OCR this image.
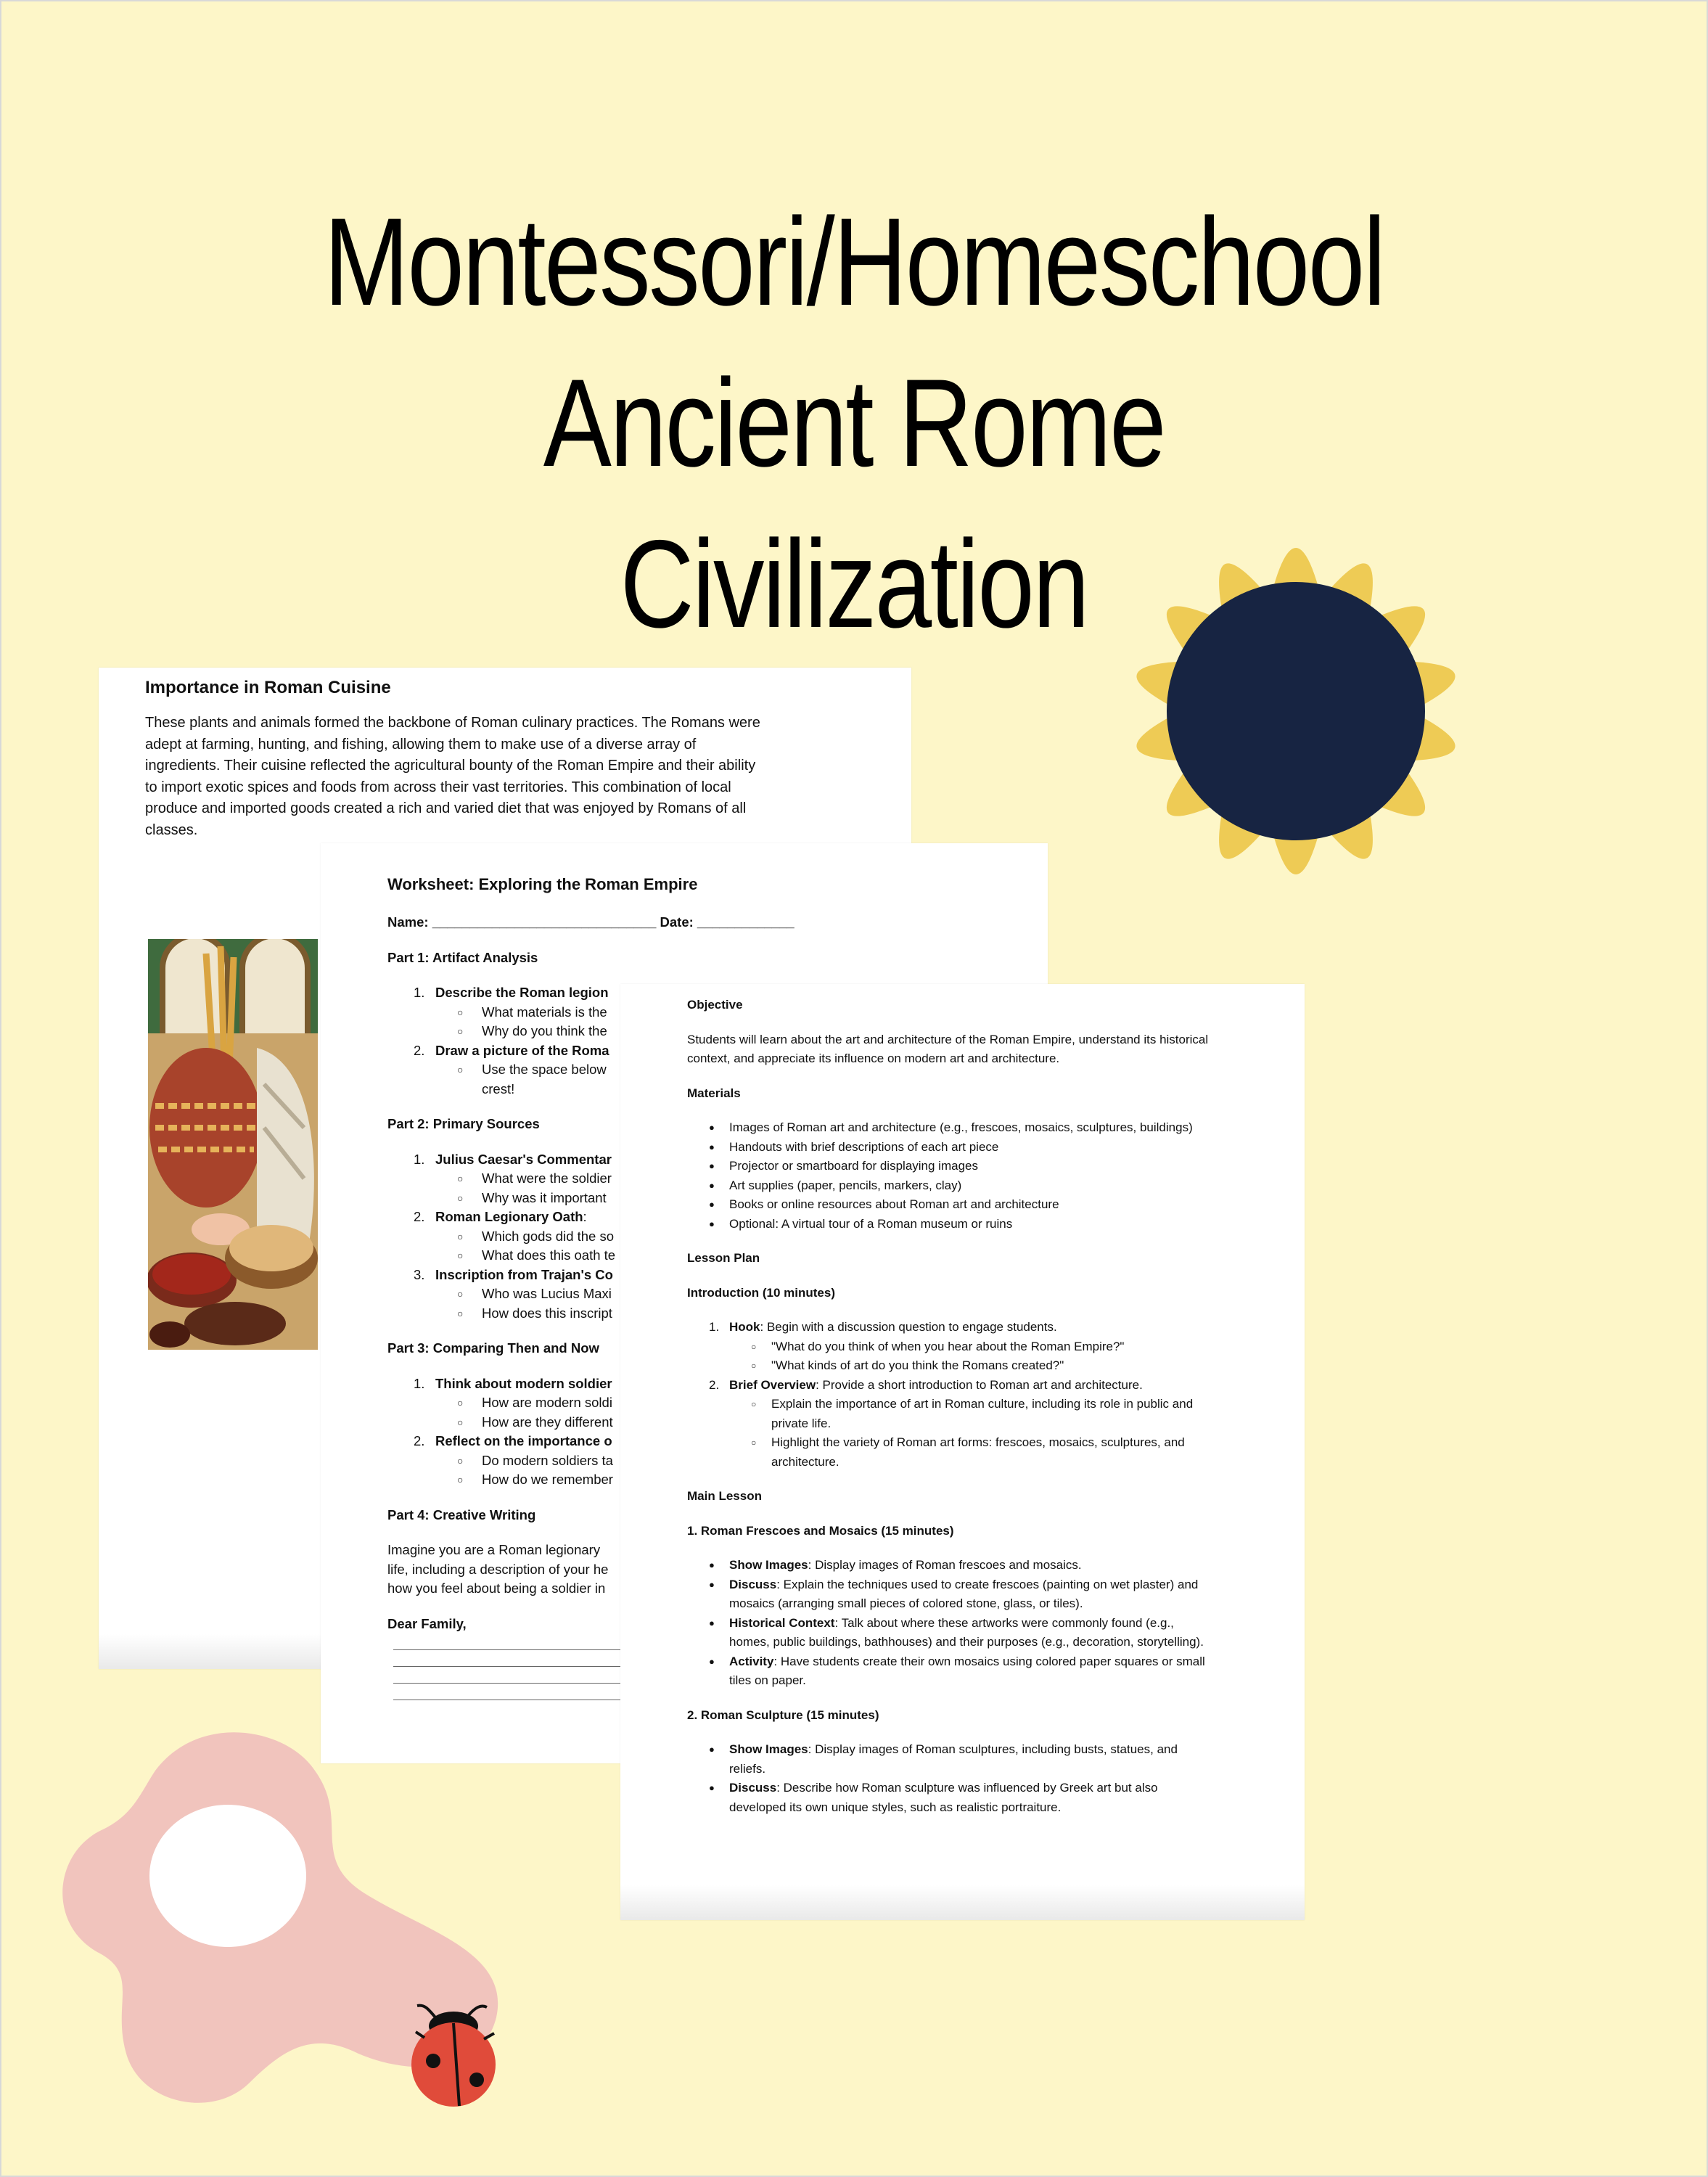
Montessori/Homeschool
Ancient Rome
Civilization
Importance in Roman Cuisine
These plants and animals formed the backbone of Roman culinary practices. The Romans were
adept at farming, hunting, and fishing, allowing them to make use of a diverse array of
ingredients. Their cuisine reflected the agricultural bounty of the Roman Empire and their ability
to import exotic spices and foods from across their vast territories. This combination of local
produce and imported goods created a rich and varied diet that was enjoyed by Romans of all
classes.
Worksheet: Exploring the Roman Empire
Name: ______________________________ Date: _____________
Part 1: Artifact Analysis
1. Describe the Roman legion
○ What materials is the
○ Why do you think the
2. Draw a picture of the Roma
○ Use the space below
crest!
Part 2: Primary Sources
1. Julius Caesar's Commentar
○ What were the soldier
○ Why was it important
2. Roman Legionary Oath:
○ Which gods did the so
○ What does this oath te
3. Inscription from Trajan's Co
○ Who was Lucius Maxi
○ How does this inscript
Part 3: Comparing Then and Now
1. Think about modern soldier
○ How are modern soldi
○ How are they different
2. Reflect on the importance o
○ Do modern soldiers ta
○ How do we remember
Part 4: Creative Writing
Imagine you are a Roman legionary
life, including a description of your he
how you feel about being a soldier in
Dear Family,
Objective
Students will learn about the art and architecture of the Roman Empire, understand its historical
context, and appreciate its influence on modern art and architecture.
Materials
●	Images of Roman art and architecture (e.g., frescoes, mosaics, sculptures, buildings)
●	Handouts with brief descriptions of each art piece
●	Projector or smartboard for displaying images
●	Art supplies (paper, pencils, markers, clay)
●	Books or online resources about Roman art and architecture
●	Optional: A virtual tour of a Roman museum or ruins
Lesson Plan
Introduction (10 minutes)
1. Hook: Begin with a discussion question to engage students.
○	"What do you think of when you hear about the Roman Empire?"
○	"What kinds of art do you think the Romans created?"
2. Brief Overview: Provide a short introduction to Roman art and architecture.
○	Explain the importance of art in Roman culture, including its role in public and
private life.
○	Highlight the variety of Roman art forms: frescoes, mosaics, sculptures, and
architecture.
Main Lesson
1. Roman Frescoes and Mosaics (15 minutes)
●	Show Images: Display images of Roman frescoes and mosaics.
●	Discuss: Explain the techniques used to create frescoes (painting on wet plaster) and
mosaics (arranging small pieces of colored stone, glass, or tiles).
●	Historical Context: Talk about where these artworks were commonly found (e.g.,
homes, public buildings, bathhouses) and their purposes (e.g., decoration, storytelling).
●	Activity: Have students create their own mosaics using colored paper squares or small
tiles on paper.
2. Roman Sculpture (15 minutes)
●	Show Images: Display images of Roman sculptures, including busts, statues, and
reliefs.
●	Discuss: Describe how Roman sculpture was influenced by Greek art but also
developed its own unique styles, such as realistic portraiture.
